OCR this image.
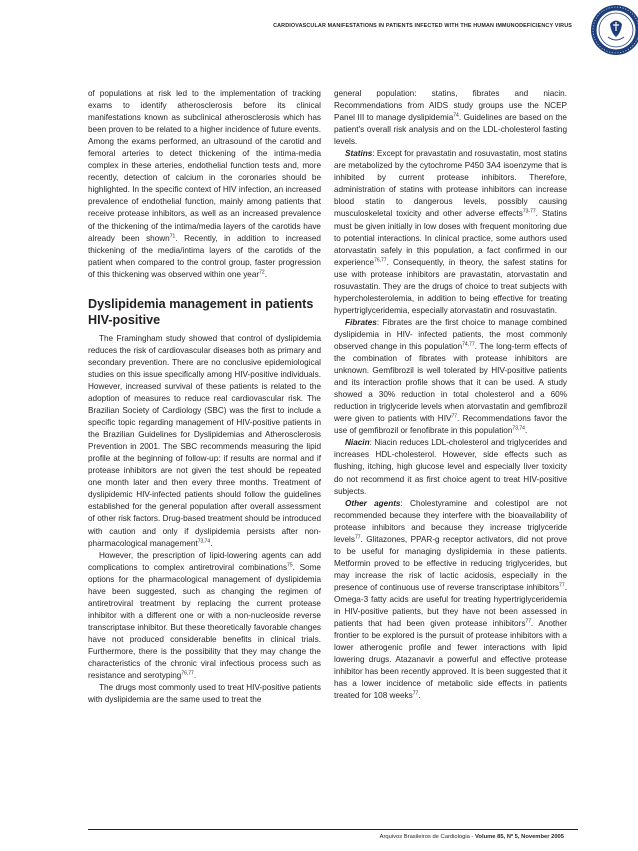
CARDIOVASCULAR MANIFESTATIONS IN PATIENTS INFECTED WITH THE HUMAN IMMUNODEFICIENCY VIRUS

of populations at risk led to the implementation of tracking exams to identify atherosclerosis before its clinical manifestations known as subclinical atherosclerosis which has been proven to be related to a higher incidence of future events. Among the exams performed, an ultrasound of the carotid and femoral arteries to detect thickening of the intima-media complex in these arteries, endothelial function tests and, more recently, detection of calcium in the coronaries should be highlighted. In the specific context of HIV infection, an increased prevalence of endothelial function, mainly among patients that receive protease inhibitors, as well as an increased prevalence of the thickening of the intima/media layers of the carotids have already been shown$^{71}$. Recently, in addition to increased thickening of the media/intima layers of the carotids of the patient when compared to the control group, faster progression of this thickening was observed within one year$^{72}$.

Dyslipidemia management in patients HIV-positive

The Framingham study showed that control of dyslipidemia reduces the risk of cardiovascular diseases both as primary and secondary prevention. There are no conclusive epidemiological studies on this issue specifically among HIV-positive individuals. However, increased survival of these patients is related to the adoption of measures to reduce real cardiovascular risk. The Brazilian Society of Cardiology (SBC) was the first to include a specific topic regarding management of HIV-positive patients in the Brazilian Guidelines for Dyslipidemias and Atherosclerosis Prevention in 2001. The SBC recommends measuring the lipid profile at the beginning of follow-up: if results are normal and if protease inhibitors are not given the test should be repeated one month later and then every three months. Treatment of dyslipidemic HIV-infected patients should follow the guidelines established for the general population after overall assessment of other risk factors. Drug-based treatment should be introduced with caution and only if dyslipidemia persists after non-pharmacological management$^{73,74}$.

However, the prescription of lipid-lowering agents can add complications to complex antiretroviral combinations$^{75}$. Some options for the pharmacological management of dyslipidemia have been suggested, such as changing the regimen of antiretroviral treatment by replacing the current protease inhibitor with a different one or with a non-nucleoside reverse transcriptase inhibitor. But these theoretically favorable changes have not produced considerable benefits in clinical trials. Furthermore, there is the possibility that they may change the characteristics of the chronic viral infectious process such as resistance and serotyping$^{76,77}$.

The drugs most commonly used to treat HIV-positive patients with dyslipidemia are the same used to treat the

general population: statins, fibrates and niacin. Recommendations from AIDS study groups use the NCEP Panel III to manage dyslipidemia$^{74}$. Guidelines are based on the patient's overall risk analysis and on the LDL-cholesterol fasting levels.

Statins: Except for pravastatin and rosuvastatin, most statins are metabolized by the cytochrome P450 3A4 isoenzyme that is inhibited by current protease inhibitors. Therefore, administration of statins with protease inhibitors can increase blood statin to dangerous levels, possibly causing musculoskeletal toxicity and other adverse effects$^{73-77}$. Statins must be given initially in low doses with frequent monitoring due to potential interactions. In clinical practice, some authors used atorvastatin safely in this population, a fact confirmed in our experience$^{76,77}$. Consequently, in theory, the safest statins for use with protease inhibitors are pravastatin, atorvastatin and rosuvastatin. They are the drugs of choice to treat subjects with hypercholesterolemia, in addition to being effective for treating hypertriglyceridemia, especially atorvastatin and rosuvastatin.

Fibrates: Fibrates are the first choice to manage combined dyslipidemia in HIV- infected patients, the most commonly observed change in this population$^{74,77}$. The long-term effects of the combination of fibrates with protease inhibitors are unknown. Gemfibrozil is well tolerated by HIV-positive patients and its interaction profile shows that it can be used. A study showed a 30% reduction in total cholesterol and a 60% reduction in triglyceride levels when atorvastatin and gemfibrozil were given to patients with HIV$^{77}$. Recommendations favor the use of gemfibrozil or fenofibrate in this population$^{73,74}$.

Niacin: Niacin reduces LDL-cholesterol and triglycerides and increases HDL-cholesterol. However, side effects such as flushing, itching, high glucose level and especially liver toxicity do not recommend it as first choice agent to treat HIV-positive subjects.

Other agents: Cholestyramine and colestipol are not recommended because they interfere with the bioavailability of protease inhibitors and because they increase triglyceride levels$^{77}$. Glitazones, PPAR-g receptor activators, did not prove to be useful for managing dyslipidemia in these patients. Metformin proved to be effective in reducing triglycerides, but may increase the risk of lactic acidosis, especially in the presence of continuous use of reverse transcriptase inhibitors$^{77}$. Omega-3 fatty acids are useful for treating hypertriglyceridemia in HIV-positive patients, but they have not been assessed in patients that had been given protease inhibitors$^{77}$. Another frontier to be explored is the pursuit of protease inhibitors with a lower atherogenic profile and fewer interactions with lipid lowering drugs. Atazanavir a powerful and effective protease inhibitor has been recently approved. It is been suggested that it has a lower incidence of metabolic side effects in patients treated for 108 weeks$^{77}$.

Arquivos Brasileiros de Cardiologia - Volume 85, Nº 5, November 2005
